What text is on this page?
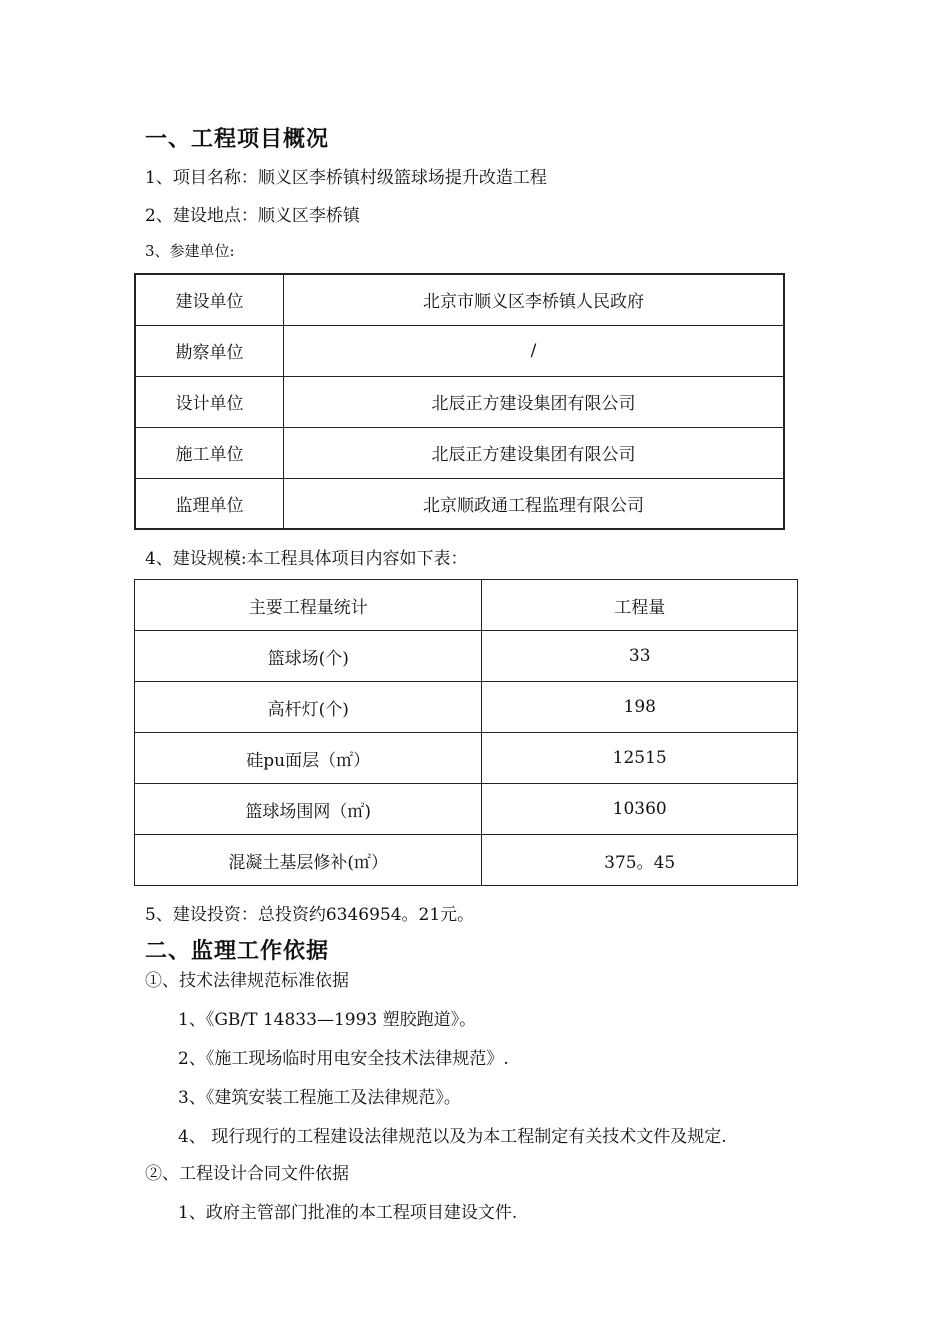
一、工程项目概况
1、项目名称：顺义区李桥镇村级篮球场提升改造工程
2、建设地点：顺义区李桥镇
3、参建单位:
建设单位	北京市顺义区李桥镇人民政府
勘察单位	/
设计单位	北辰正方建设集团有限公司
施工单位	北辰正方建设集团有限公司
监理单位	北京顺政通工程监理有限公司
4、建设规模:本工程具体项目内容如下表：
主要工程量统计	工程量
篮球场(个)	33
高杆灯(个)	198
硅pu面层（㎡）	12515
篮球场围网（㎡)	10360
混凝土基层修补(㎡）	375。45
5、建设投资：总投资约6346954。21元。
二、监理工作依据
①、技术法律规范标准依据
1、《GB/T 14833—1993 塑胶跑道》。
2、《施工现场临时用电安全技术法律规范》.
3、《建筑安装工程施工及法律规范》。
4、 现行现行的工程建设法律规范以及为本工程制定有关技术文件及规定.
②、工程设计合同文件依据
1、政府主管部门批准的本工程项目建设文件.
